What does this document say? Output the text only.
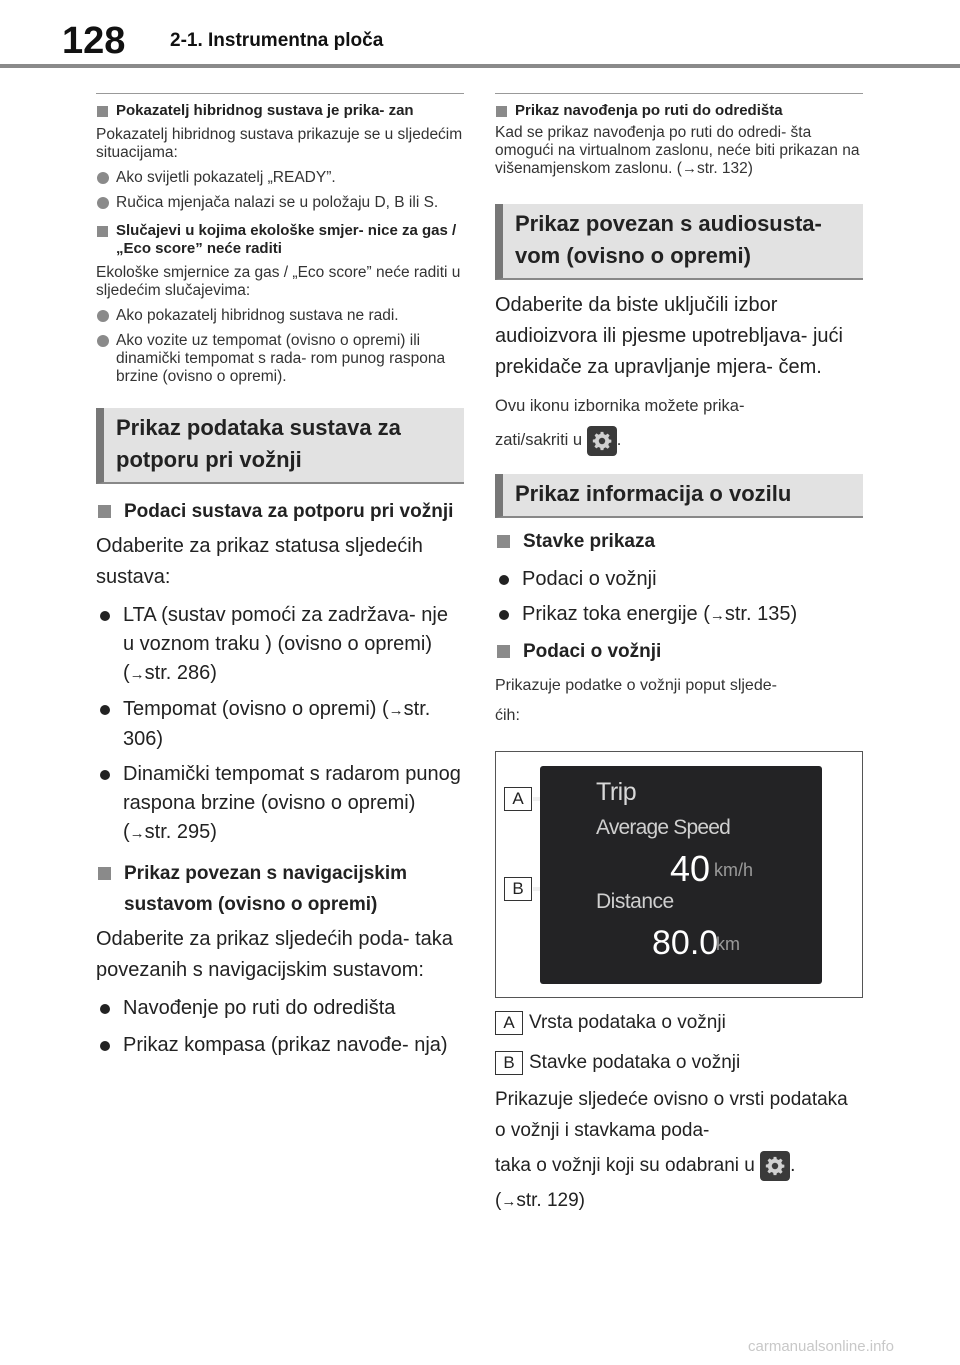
128 2-1. Instrumentna ploča
Pokazatelj hibridnog sustava je prika- zan
Pokazatelj hibridnog sustava prikazuje se u sljedećim situacijama:
Ako svijetli pokazatelj „READY”.
Ručica mjenjača nalazi se u položaju D, B ili S.
Slučajevi u kojima ekološke smjer- nice za gas / „Eco score” neće raditi
Ekološke smjernice za gas / „Eco score” neće raditi u sljedećim slučajevima:
Ako pokazatelj hibridnog sustava ne radi.
Ako vozite uz tempomat (ovisno o opremi) ili dinamički tempomat s rada- rom punog raspona brzine (ovisno o opremi).
Prikaz podataka sustava za potporu pri vožnji
Podaci sustava za potporu pri vožnji
Odaberite za prikaz statusa sljedećih sustava:
LTA (sustav pomoći za zadržava- nje u voznom traku ) (ovisno o opremi) (→str. 286)
Tempomat (ovisno o opremi) (→str. 306)
Dinamički tempomat s radarom punog raspona brzine (ovisno o opremi) (→str. 295)
Prikaz povezan s navigacijskim sustavom (ovisno o opremi)
Odaberite za prikaz sljedećih poda- taka povezanih s navigacijskim sustavom:
Navođenje po ruti do odredišta
Prikaz kompasa (prikaz navođe- nja)
Prikaz navođenja po ruti do odredišta
Kad se prikaz navođenja po ruti do odredi- šta omogući na virtualnom zaslonu, neće biti prikazan na višenamjenskom zaslonu. (→str. 132)
Prikaz povezan s audiosusta- vom (ovisno o opremi)
Odaberite da biste uključili izbor audioizvora ili pjesme upotrebljava- jući prekidače za upravljanje mjera- čem.
Ovu ikonu izbornika možete prika-
zati/sakriti u .
Prikaz informacija o vozilu
Stavke prikaza
Podaci o vožnji
Prikaz toka energije (→str. 135)
Podaci o vožnji
Prikazuje podatke o vožnji poput sljede-
ćih:
A
B
Trip
Average Speed
40 km/h
Distance
80.0
km
A Vrsta podataka o vožnji
B Stavke podataka o vožnji
Prikazuje sljedeće ovisno o vrsti podataka o vožnji i stavkama poda-
taka o vožnji koji su odabrani u .
(→str. 129)
carmanualsonline.info
